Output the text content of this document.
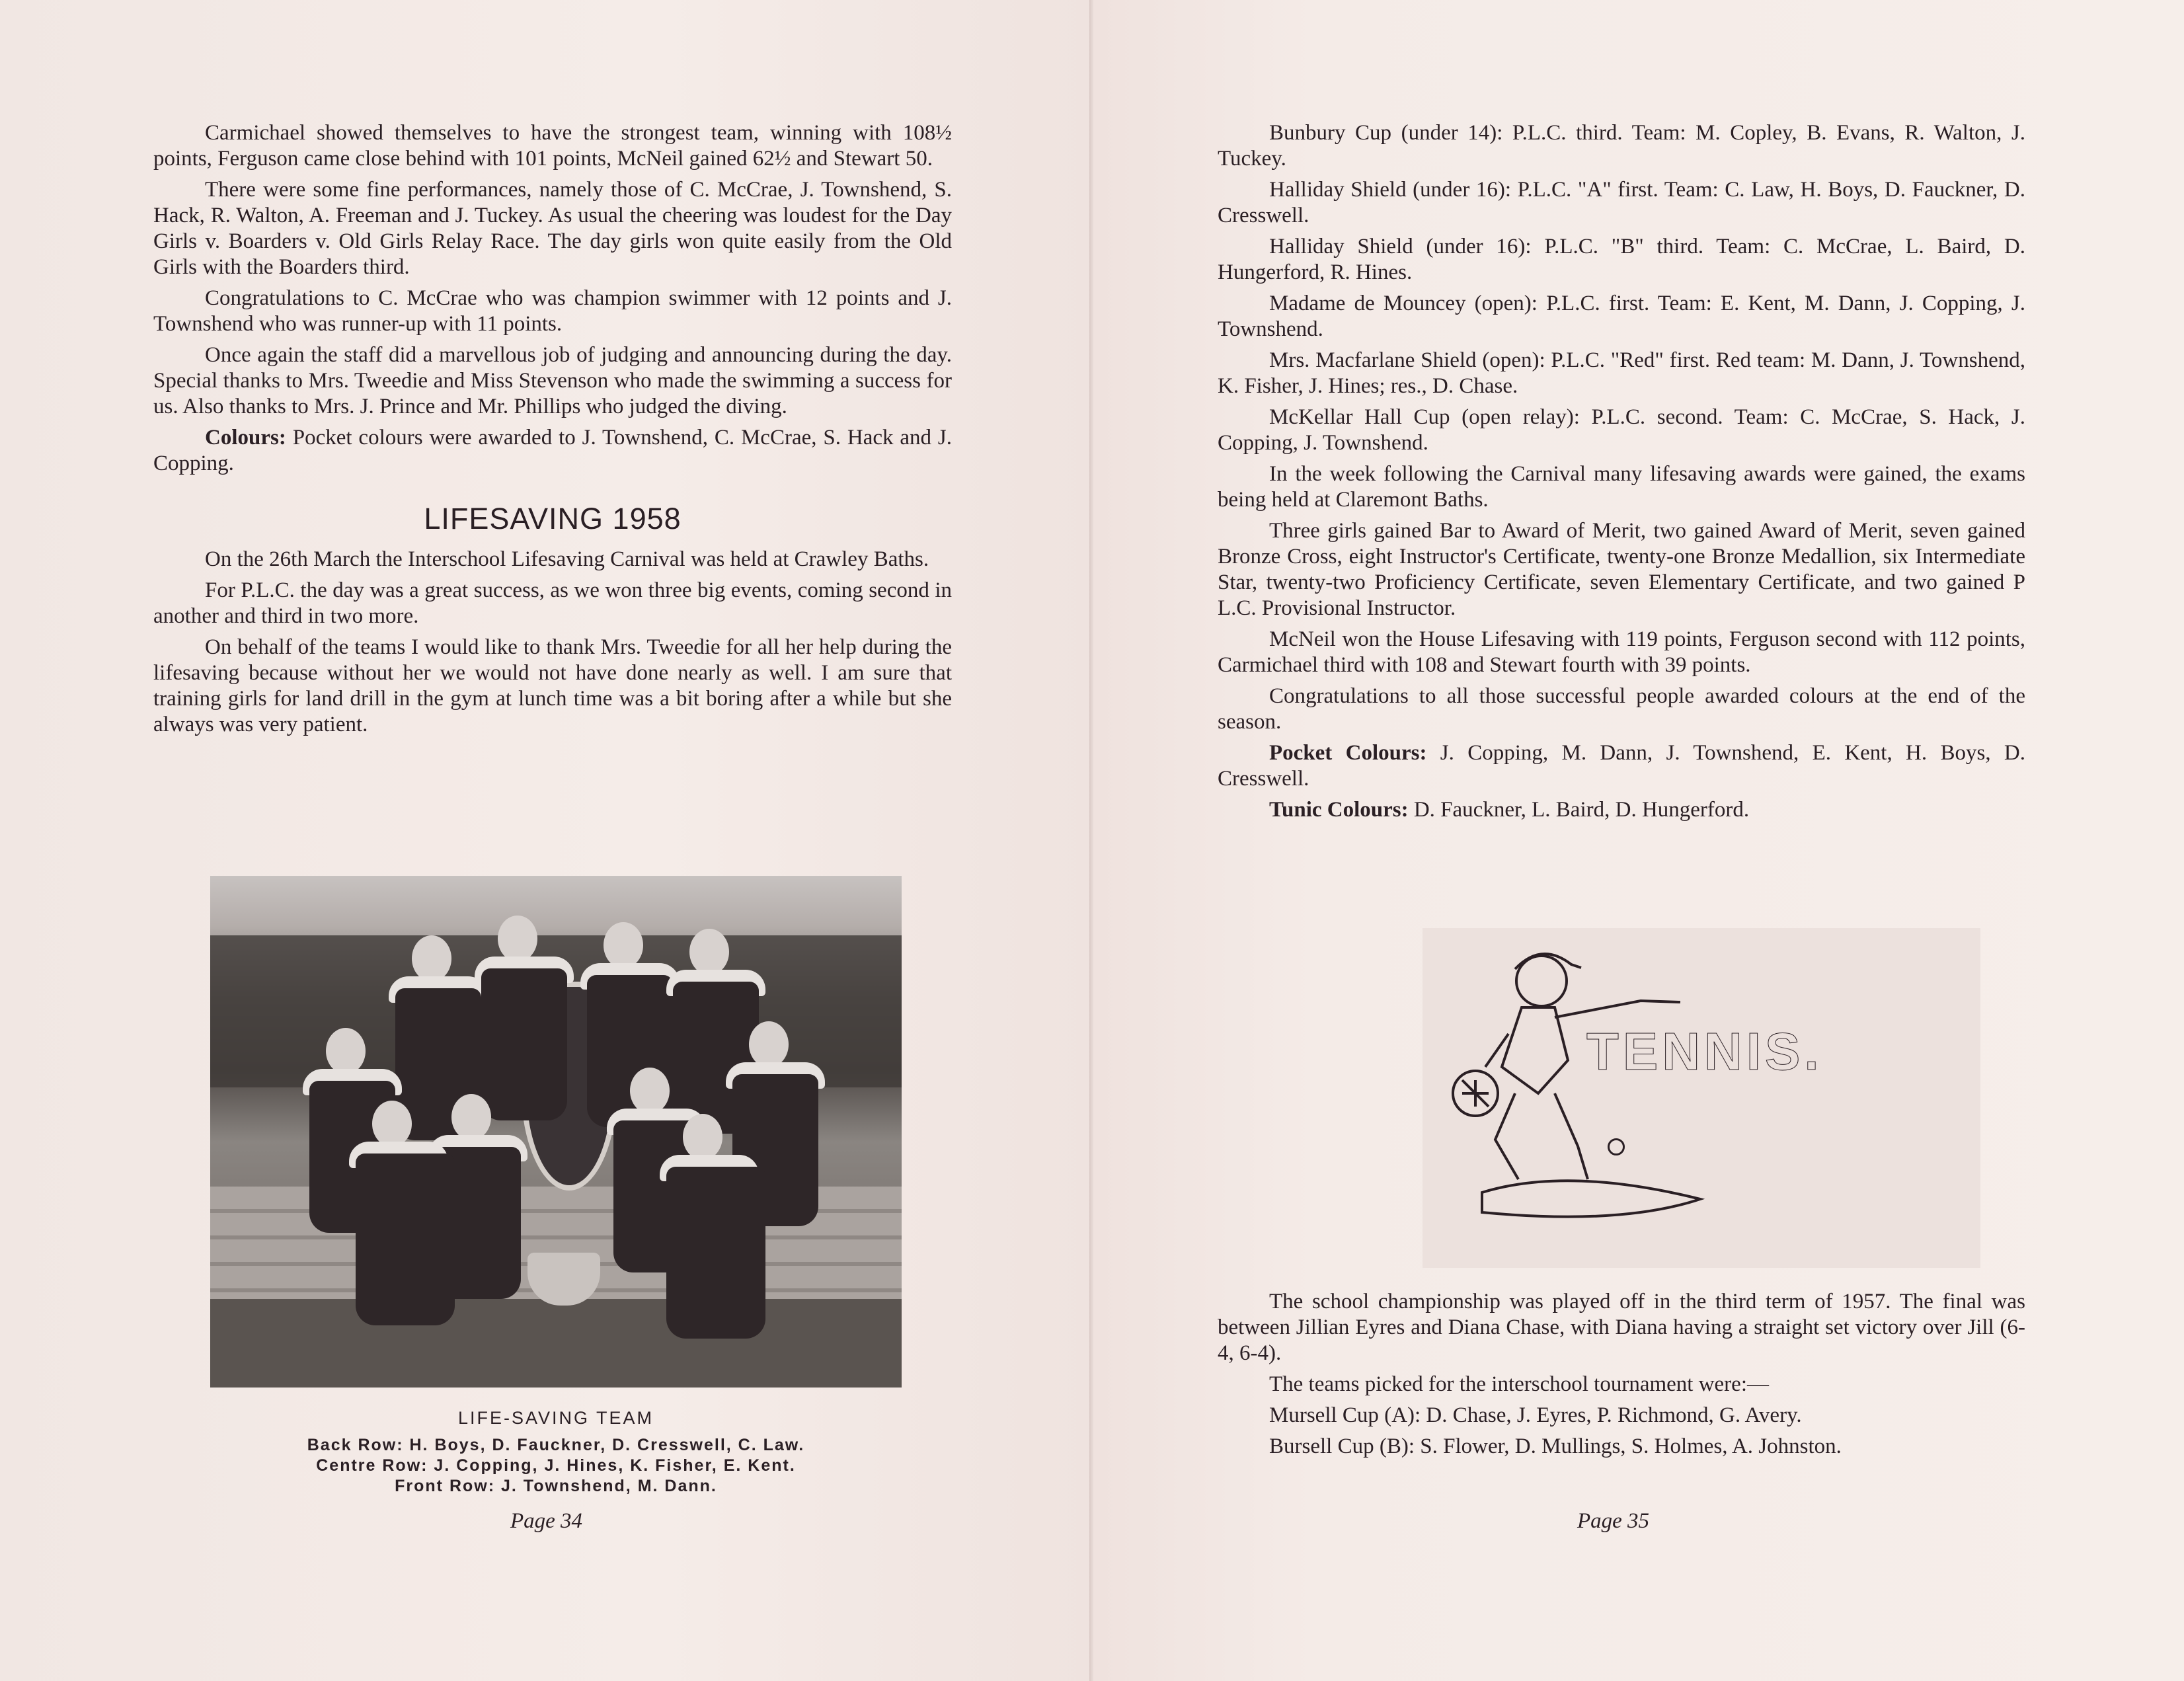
Carmichael showed themselves to have the strongest team, winning with 108½ points, Ferguson came close behind with 101 points, McNeil gained 62½ and Stewart 50.

There were some fine performances, namely those of C. McCrae, J. Townshend, S. Hack, R. Walton, A. Freeman and J. Tuckey. As usual the cheering was loudest for the Day Girls v. Boarders v. Old Girls Relay Race. The day girls won quite easily from the Old Girls with the Boarders third.

Congratulations to C. McCrae who was champion swimmer with 12 points and J. Townshend who was runner-up with 11 points.

Once again the staff did a marvellous job of judging and announcing during the day. Special thanks to Mrs. Tweedie and Miss Stevenson who made the swimming a success for us. Also thanks to Mrs. J. Prince and Mr. Phillips who judged the diving.

Colours: Pocket colours were awarded to J. Townshend, C. McCrae, S. Hack and J. Copping.

LIFESAVING 1958

On the 26th March the Interschool Lifesaving Carnival was held at Crawley Baths.

For P.L.C. the day was a great success, as we won three big events, coming second in another and third in two more.

On behalf of the teams I would like to thank Mrs. Tweedie for all her help during the lifesaving because without her we would not have done nearly as well. I am sure that training girls for land drill in the gym at lunch time was a bit boring after a while but she always was very patient.

LIFE-SAVING TEAM
Back Row: H. Boys, D. Fauckner, D. Cresswell, C. Law.
Centre Row: J. Copping, J. Hines, K. Fisher, E. Kent.
Front Row: J. Townshend, M. Dann.
Page 34

Bunbury Cup (under 14): P.L.C. third. Team: M. Copley, B. Evans, R. Walton, J. Tuckey.

Halliday Shield (under 16): P.L.C. "A" first. Team: C. Law, H. Boys, D. Fauckner, D. Cresswell.

Halliday Shield (under 16): P.L.C. "B" third. Team: C. McCrae, L. Baird, D. Hungerford, R. Hines.

Madame de Mouncey (open): P.L.C. first. Team: E. Kent, M. Dann, J. Copping, J. Townshend.

Mrs. Macfarlane Shield (open): P.L.C. "Red" first. Red team: M. Dann, J. Townshend, K. Fisher, J. Hines; res., D. Chase.

McKellar Hall Cup (open relay): P.L.C. second. Team: C. McCrae, S. Hack, J. Copping, J. Townshend.

In the week following the Carnival many lifesaving awards were gained, the exams being held at Claremont Baths.

Three girls gained Bar to Award of Merit, two gained Award of Merit, seven gained Bronze Cross, eight Instructor's Certificate, twenty-one Bronze Medallion, six Intermediate Star, twenty-two Proficiency Certificate, seven Elementary Certificate, and two gained P L.C. Provisional Instructor.

McNeil won the House Lifesaving with 119 points, Ferguson second with 112 points, Carmichael third with 108 and Stewart fourth with 39 points.

Congratulations to all those successful people awarded colours at the end of the season.

Pocket Colours: J. Copping, M. Dann, J. Townshend, E. Kent, H. Boys, D. Cresswell.

Tunic Colours: D. Fauckner, L. Baird, D. Hungerford.

Page 35
TENNIS.

The school championship was played off in the third term of 1957. The final was between Jillian Eyres and Diana Chase, with Diana having a straight set victory over Jill (6-4, 6-4).

The teams picked for the interschool tournament were:—

Mursell Cup (A): D. Chase, J. Eyres, P. Richmond, G. Avery.

Bursell Cup (B): S. Flower, D. Mullings, S. Holmes, A. Johnston.
